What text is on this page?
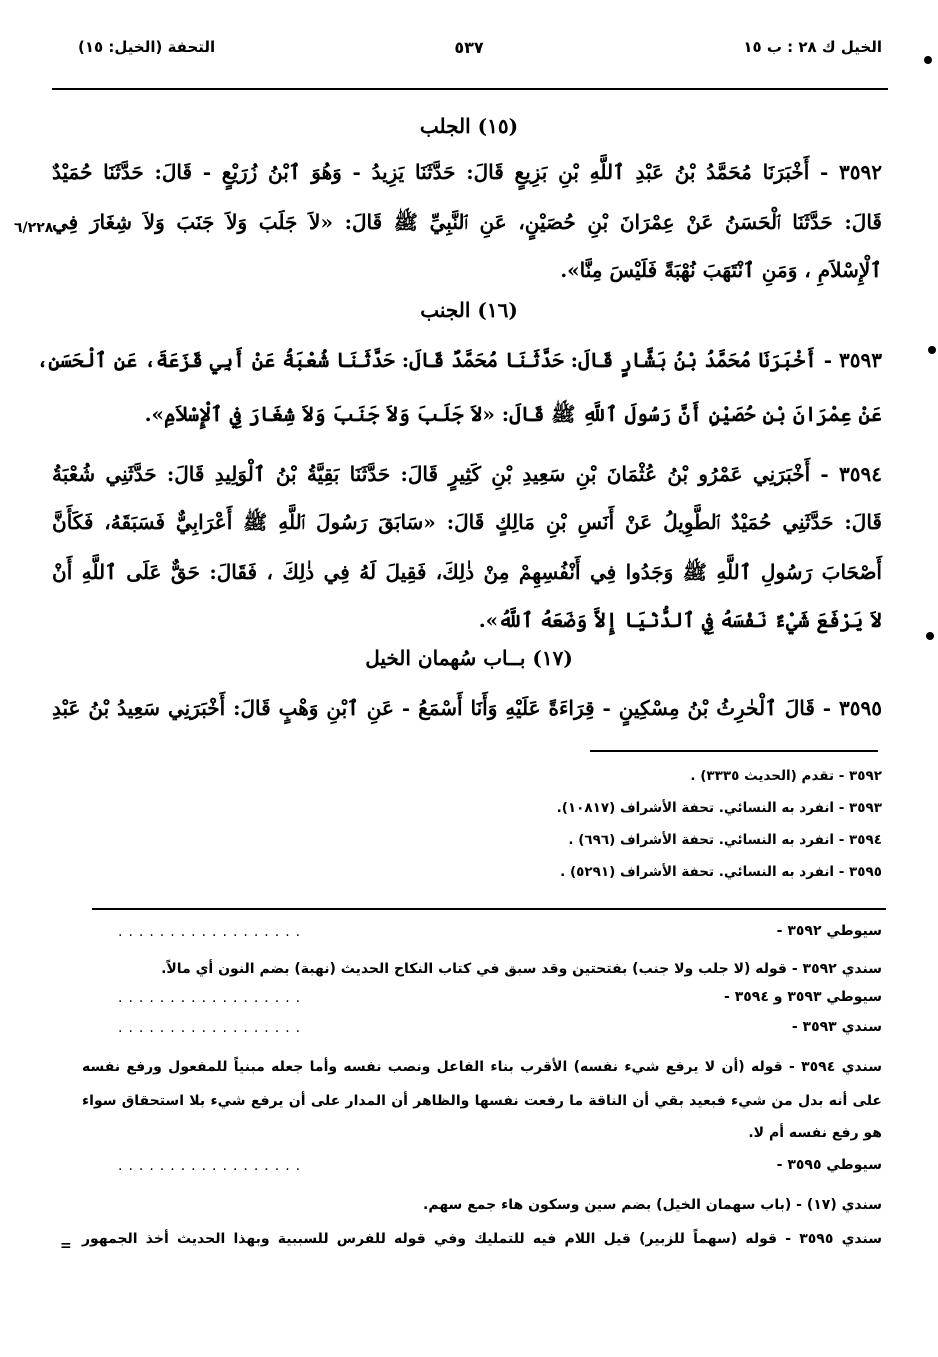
الخيل ك ٢٨ : ب ١٥
٥٣٧
التحفة (الخيل: ١٥)
٦/٢٢٨
(١٥) الجلب
٣٥٩٢ - أَخْبَرَنَا مُحَمَّدُ بْنُ عَبْدِ ٱللَّهِ بْنِ بَزِيعٍ قَالَ: حَدَّثَنَا يَزِيدُ - وَهُوَ ٱبْنُ زُرَيْعٍ - قَالَ: حَدَّثَنَا حُمَيْدٌ
قَالَ: حَدَّثَنَا ٱلْحَسَنُ عَنْ عِمْرَانَ بْنِ حُصَيْنٍ، عَنِ ٱلنَّبِيِّ ﷺ قَالَ: «لاَ جَلَبَ وَلاَ جَنَبَ وَلاَ شِغَارَ فِي
ٱلْإِسْلاَمِ ، وَمَنِ ٱنْتَهَبَ نُهْبَةً فَلَيْسَ مِنَّا».
(١٦) الجنب
٣٥٩٣ - أَخْبَرَنَا مُحَمَّدُ بْنُ بَشَّارٍ قَالَ: حَدَّثَنَا مُحَمَّدٌ قَالَ: حَدَّثَنَا شُعْبَةُ عَنْ أَبِي قَزَعَةَ، عَنِ ٱلْحَسَنِ،
عَنْ عِمْرَانَ بْنِ حُصَيْنٍ أَنَّ رَسُولَ ٱللَّهِ ﷺ قَالَ: «لاَ جَلَبَ وَلاَ جَنَبَ وَلاَ شِغَارَ فِي ٱلْإِسْلاَمِ».
٣٥٩٤ - أَخْبَرَنِي عَمْرُو بْنُ عُثْمَانَ بْنِ سَعِيدِ بْنِ كَثِيرٍ قَالَ: حَدَّثَنَا بَقِيَّةُ بْنُ ٱلْوَلِيدِ قَالَ: حَدَّثَنِي شُعْبَةُ
قَالَ: حَدَّثَنِي حُمَيْدٌ ٱلطَّوِيلُ عَنْ أَنَسِ بْنِ مَالِكٍ قَالَ: «سَابَقَ رَسُولَ ٱللَّهِ ﷺ أَعْرَابِيٌّ فَسَبَقَهُ، فَكَأَنَّ
أَصْحَابَ رَسُولِ ٱللَّهِ ﷺ وَجَدُوا فِي أَنْفُسِهِمْ مِنْ ذٰلِكَ، فَقِيلَ لَهُ فِي ذٰلِكَ ، فَقَالَ: حَقٌّ عَلَى ٱللَّهِ أَنْ
لاَ يَرْفَعَ شَيْءٌ نَفْسَهُ فِي ٱلدُّنْيَا إِلاَّ وَضَعَهُ ٱللَّهُ».
(١٧) بــاب سُهمان الخيل
٣٥٩٥ - قَالَ ٱلْحٰرِثُ بْنُ مِسْكِينٍ - قِرَاءَةً عَلَيْهِ وَأَنَا أَسْمَعُ - عَنِ ٱبْنِ وَهْبٍ قَالَ: أَخْبَرَنِي سَعِيدُ بْنُ عَبْدِ
٣٥٩٢ - تقدم (الحديث ٣٣٣٥) .
٣٥٩٣ - انفرد به النسائي. تحفة الأشراف (١٠٨١٧).
٣٥٩٤ - انفرد به النسائي. تحفة الأشراف (٦٩٦) .
٣٥٩٥ - انفرد به النسائي. تحفة الأشراف (٥٢٩١) .
سيوطي ٣٥٩٢ -
..................
سندي ٣٥٩٢ - قوله (لا جلب ولا جنب) بفتحتين وقد سبق في كتاب النكاح الحديث (نهبة) بضم النون أي مالاً.
سيوطي ٣٥٩٣ و ٣٥٩٤ -
..................
سندي ٣٥٩٣ -
..................
سندي ٣٥٩٤ - قوله (أن لا يرفع شيء نفسه) الأقرب بناء الفاعل ونصب نفسه وأما جعله مبنياً للمفعول ورفع نفسه
على أنه بدل من شيء فبعيد بقي أن الناقة ما رفعت نفسها والظاهر أن المدار على أن يرفع شيء بلا استحقاق سواء
هو رفع نفسه أم لا.
سيوطي ٣٥٩٥ -
..................
سندي (١٧) - (باب سهمان الخيل) بضم سين وسكون هاء جمع سهم.
سندي ٣٥٩٥ - قوله (سهماً للزبير) قيل اللام فيه للتمليك وفي قوله للفرس للسببية وبهذا الحديث أخذ الجمهور
=
